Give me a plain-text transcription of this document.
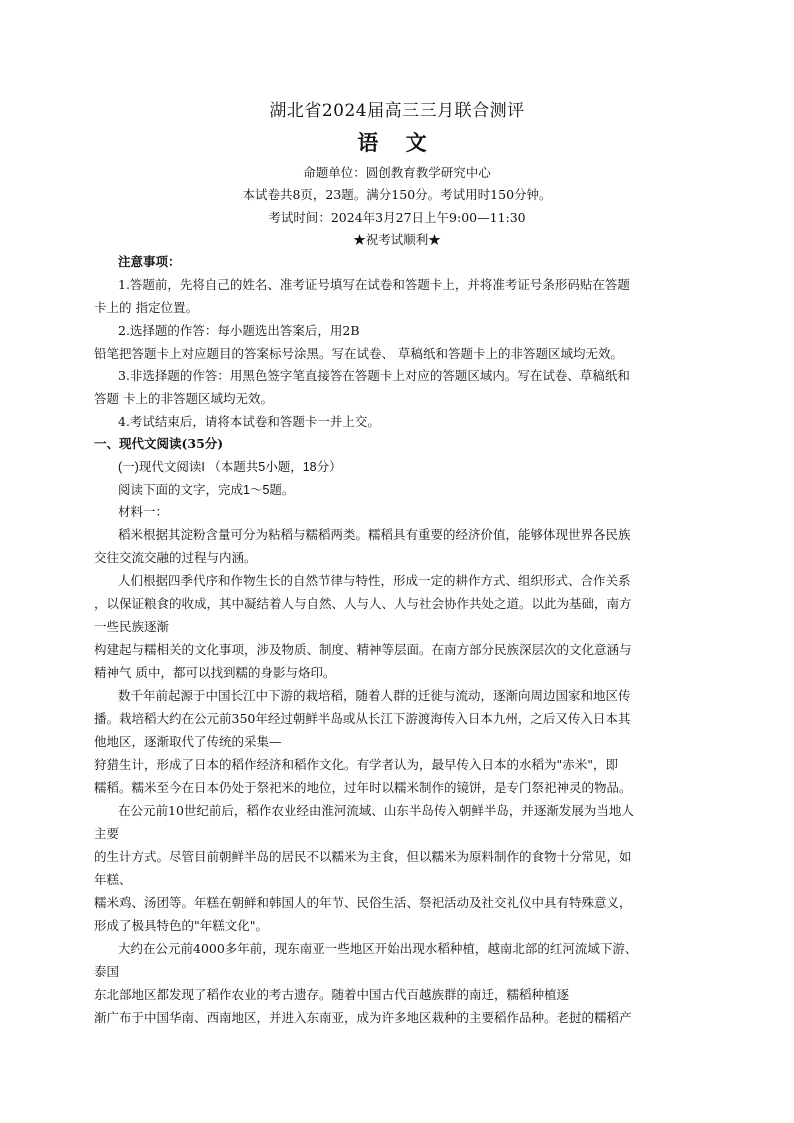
湖北省2024届高三三月联合测评
语 文
命题单位：圆创教育教学研究中心
本试卷共8页，23题。满分150分。考试用时150分钟。
考试时间：2024年3月27日上午9:00—11:30
★祝考试顺利★
注意事项：
1.答题前，先将自己的姓名、准考证号填写在试卷和答题卡上，并将准考证号条形码贴在答题
卡上的 指定位置。
2.选择题的作答：每小题选出答案后，用2B
铅笔把答题卡上对应题目的答案标号涂黑。写在试卷、 草稿纸和答题卡上的非答题区域均无效。
3.非选择题的作答：用黑色签字笔直接答在答题卡上对应的答题区域内。写在试卷、草稿纸和
答题 卡上的非答题区域均无效。
4.考试结束后，请将本试卷和答题卡一并上交。
一、现代文阅读(35分)
(一)现代文阅读I （本题共5小题，18分）
阅读下面的文字，完成1～5题。
材料一：
稻米根据其淀粉含量可分为粘稻与糯稻两类。糯稻具有重要的经济价值，能够体现世界各民族
交往交流交融的过程与内涵。
人们根据四季代序和作物生长的自然节律与特性，形成一定的耕作方式、组织形式、合作关系
，以保证粮食的收成，其中凝结着人与自然、人与人、人与社会协作共处之道。以此为基础，南方
一些民族逐渐
构建起与糯相关的文化事项，涉及物质、制度、精神等层面。在南方部分民族深层次的文化意涵与
精神气 质中，都可以找到糯的身影与烙印。
数千年前起源于中国长江中下游的栽培稻，随着人群的迁徙与流动，逐渐向周边国家和地区传
播。栽培稻大约在公元前350年经过朝鲜半岛或从长江下游渡海传入日本九州，之后又传入日本其
他地区，逐渐取代了传统的采集—
狩猎生计，形成了日本的稻作经济和稻作文化。有学者认为，最早传入日本的水稻为"赤米"，即
糯稻。糯米至今在日本仍处于祭祀米的地位，过年时以糯米制作的镜饼，是专门祭祀神灵的物品。
在公元前10世纪前后，稻作农业经由淮河流域、山东半岛传入朝鲜半岛，并逐渐发展为当地人
主要
的生计方式。尽管目前朝鲜半岛的居民不以糯米为主食，但以糯米为原料制作的食物十分常见，如
年糕、
糯米鸡、汤团等。年糕在朝鲜和韩国人的年节、民俗生活、祭祀活动及社交礼仪中具有特殊意义，
形成了极具特色的"年糕文化"。
大约在公元前4000多年前，现东南亚一些地区开始出现水稻种植，越南北部的红河流域下游、
泰国
东北部地区都发现了稻作农业的考古遗存。随着中国古代百越族群的南迁，糯稻种植逐
渐广布于中国华南、西南地区，并进入东南亚，成为许多地区栽种的主要稻作品种。老挝的糯稻产
